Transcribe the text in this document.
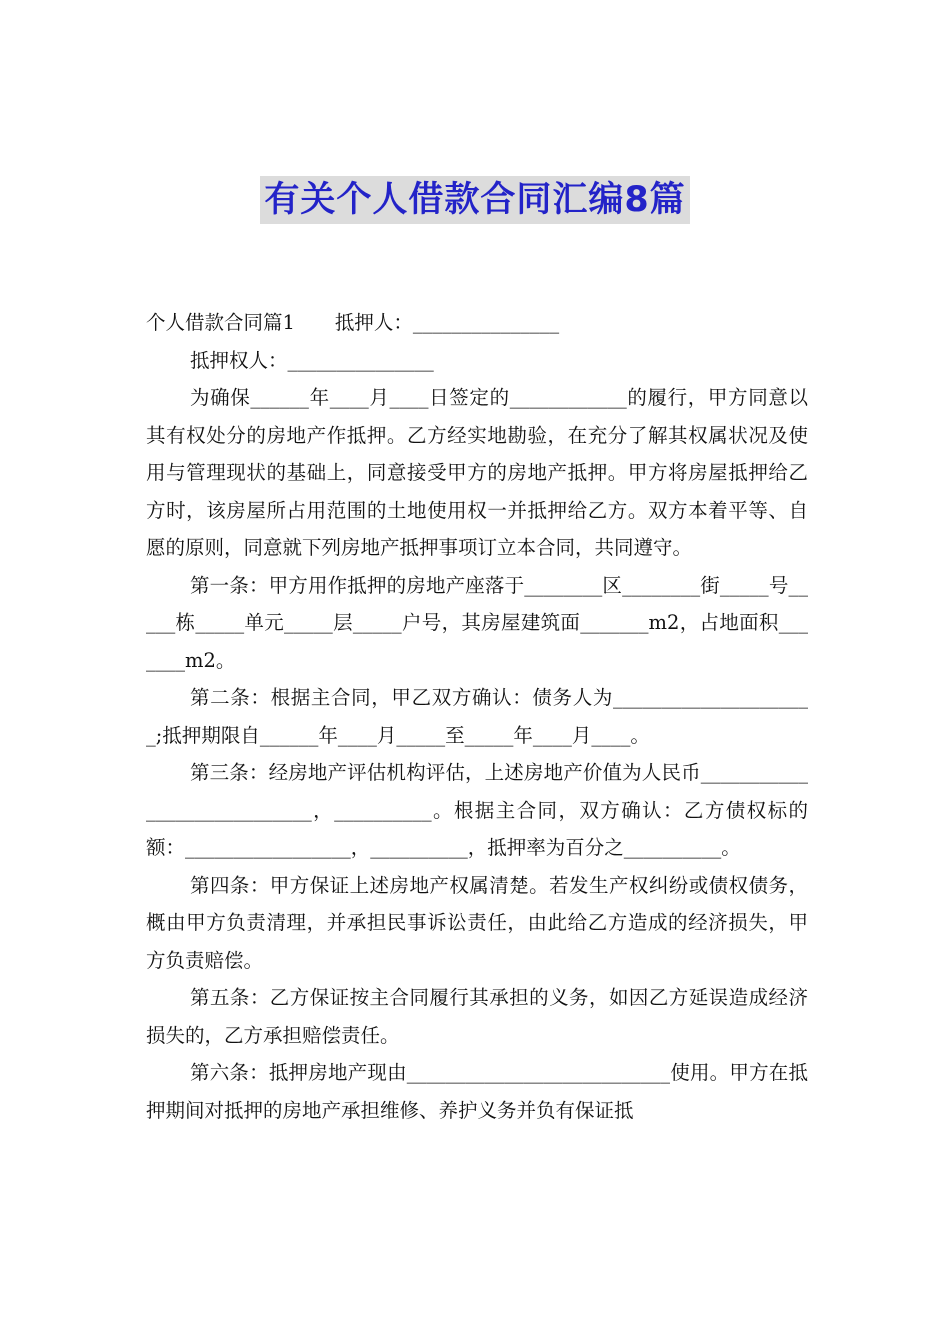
有关个人借款合同汇编8篇

个人借款合同篇1 抵押人：_______________

抵押权人：_______________

为确保______年____月____日签定的____________的履行，甲方同意以其有权处分的房地产作抵押。乙方经实地勘验，在充分了解其权属状况及使用与管理现状的基础上，同意接受甲方的房地产抵押。甲方将房屋抵押给乙方时，该房屋所占用范围的土地使用权一并抵押给乙方。双方本着平等、自愿的原则，同意就下列房地产抵押事项订立本合同，共同遵守。

第一条：甲方用作抵押的房地产座落于________区________街_____号_____栋_____单元_____层_____户号，其房屋建筑面_______m2，占地面积_______m2。

第二条：根据主合同，甲乙双方确认：债务人为_____________________;抵押期限自______年____月_____至_____年____月____。

第三条：经房地产评估机构评估，上述房地产价值为人民币____________________________，__________。根据主合同，双方确认：乙方债权标的额：_________________，__________，抵押率为百分之__________。

第四条：甲方保证上述房地产权属清楚。若发生产权纠纷或债权债务，概由甲方负责清理，并承担民事诉讼责任，由此给乙方造成的经济损失，甲方负责赔偿。

第五条：乙方保证按主合同履行其承担的义务，如因乙方延误造成经济损失的，乙方承担赔偿责任。

第六条：抵押房地产现由___________________________使用。甲方在抵押期间对抵押的房地产承担维修、养护义务并负有保证抵
